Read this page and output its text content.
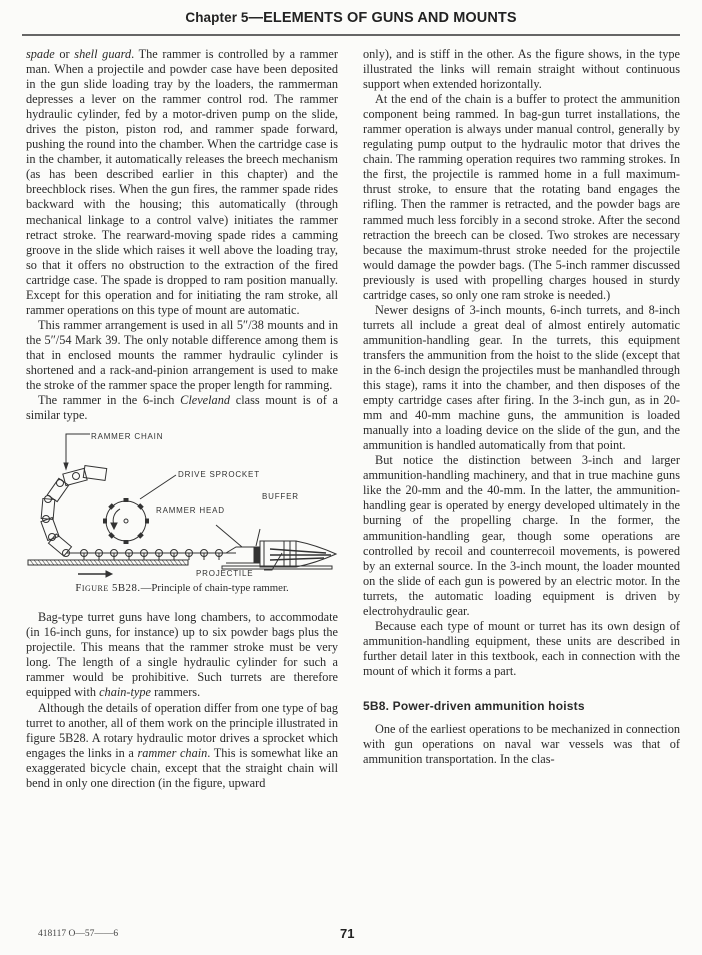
Chapter 5—ELEMENTS OF GUNS AND MOUNTS

spade or shell guard. The rammer is controlled by a rammer man. When a projectile and powder case have been deposited in the gun slide loading tray by the loaders, the rammerman depresses a lever on the rammer control rod. The rammer hydraulic cylinder, fed by a motor-driven pump on the slide, drives the piston, piston rod, and rammer spade forward, pushing the round into the chamber. When the cartridge case is in the chamber, it automatically releases the breech mechanism (as has been described earlier in this chapter) and the breechblock rises. When the gun fires, the rammer spade rides backward with the housing; this automatically (through mechanical linkage to a control valve) initiates the rammer retract stroke. The rearward-moving spade rides a camming groove in the slide which raises it well above the loading tray, so that it offers no obstruction to the extraction of the fired cartridge case. The spade is dropped to ram position manually. Except for this operation and for initiating the ram stroke, all rammer operations on this type of mount are automatic.

This rammer arrangement is used in all 5″/38 mounts and in the 5″/54 Mark 39. The only notable difference among them is that in enclosed mounts the rammer hydraulic cylinder is shortened and a rack-and-pinion arrangement is used to make the stroke of the rammer space the proper length for ramming.

The rammer in the 6-inch Cleveland class mount is of a similar type.

RAMMER CHAIN
DRIVE SPROCKET
BUFFER
RAMMER HEAD
PROJECTILE

Figure 5B28.—Principle of chain-type rammer.

Bag-type turret guns have long chambers, to accommodate (in 16-inch guns, for instance) up to six powder bags plus the projectile. This means that the rammer stroke must be very long. The length of a single hydraulic cylinder for such a rammer would be prohibitive. Such turrets are therefore equipped with chain-type rammers.

Although the details of operation differ from one type of bag turret to another, all of them work on the principle illustrated in figure 5B28. A rotary hydraulic motor drives a sprocket which engages the links in a rammer chain. This is somewhat like an exaggerated bicycle chain, except that the straight chain will bend in only one direction (in the figure, upward

only), and is stiff in the other. As the figure shows, in the type illustrated the links will remain straight without continuous support when extended horizontally.

At the end of the chain is a buffer to protect the ammunition component being rammed. In bag-gun turret installations, the rammer operation is always under manual control, generally by regulating pump output to the hydraulic motor that drives the chain. The ramming operation requires two ramming strokes. In the first, the projectile is rammed home in a full maximum-thrust stroke, to ensure that the rotating band engages the rifling. Then the rammer is retracted, and the powder bags are rammed much less forcibly in a second stroke. After the second retraction the breech can be closed. Two strokes are necessary because the maximum-thrust stroke needed for the projectile would damage the powder bags. (The 5-inch rammer discussed previously is used with propelling charges housed in sturdy cartridge cases, so only one ram stroke is needed.)

Newer designs of 3-inch mounts, 6-inch turrets, and 8-inch turrets all include a great deal of almost entirely automatic ammunition-handling gear. In the turrets, this equipment transfers the ammunition from the hoist to the slide (except that in the 6-inch design the projectiles must be manhandled through this stage), rams it into the chamber, and then disposes of the empty cartridge cases after firing. In the 3-inch gun, as in 20-mm and 40-mm machine guns, the ammunition is loaded manually into a loading device on the slide of the gun, and the ammunition is handled automatically from that point.

But notice the distinction between 3-inch and larger ammunition-handling machinery, and that in true machine guns like the 20-mm and the 40-mm. In the latter, the ammunition-handling gear is operated by energy developed ultimately in the burning of the propelling charge. In the former, the ammunition-handling gear, though some operations are controlled by recoil and counterrecoil movements, is powered by an external source. In the 3-inch mount, the loader mounted on the slide of each gun is powered by an electric motor. In the turrets, the automatic loading equipment is driven by electrohydraulic gear.

Because each type of mount or turret has its own design of ammunition-handling equipment, these units are described in further detail later in this textbook, each in connection with the mount of which it forms a part.

5B8. Power-driven ammunition hoists

One of the earliest operations to be mechanized in connection with gun operations on naval war vessels was that of ammunition transportation. In the clas-

418117 O—57——6	71
